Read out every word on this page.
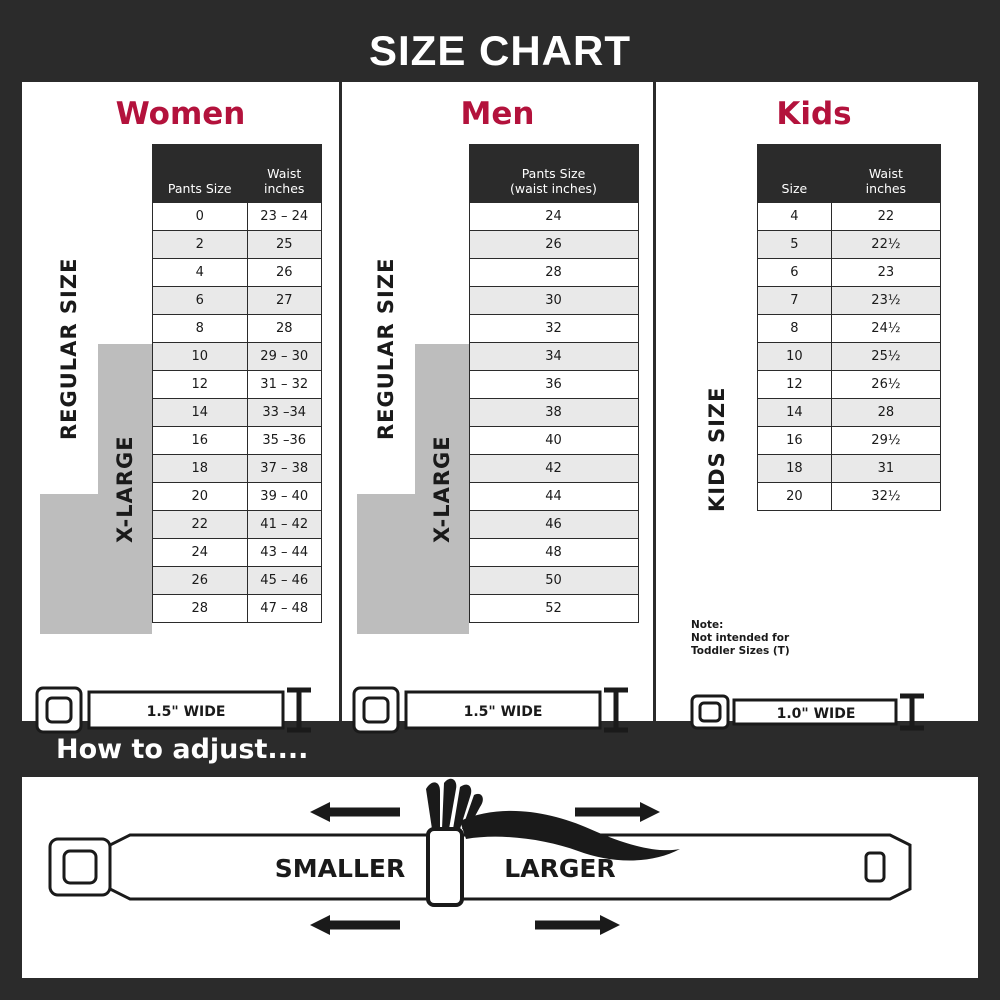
SIZE CHART
Women
REGULAR SIZE
X-LARGE
Pants Size	Waist
inches
0	23 – 24
2	25
4	26
6	27
8	28
10	29 – 30
12	31 – 32
14	33 –34
16	35 –36
18	37 – 38
20	39 – 40
22	41 – 42
24	43 – 44
26	45 – 46
28	47 – 48
1.5" WIDE
Men
REGULAR SIZE
X-LARGE
Pants Size
(waist inches)
24
26
28
30
32
34
36
38
40
42
44
46
48
50
52
1.5" WIDE
Kids
KIDS SIZE
Note:
Not intended for
Toddler Sizes (T)
Size	Waist
inches
4	22
5	22½
6	23
7	23½
8	24½
10	25½
12	26½
14	28
16	29½
18	31
20	32½
1.0" WIDE
How to adjust....
SMALLER	LARGER
